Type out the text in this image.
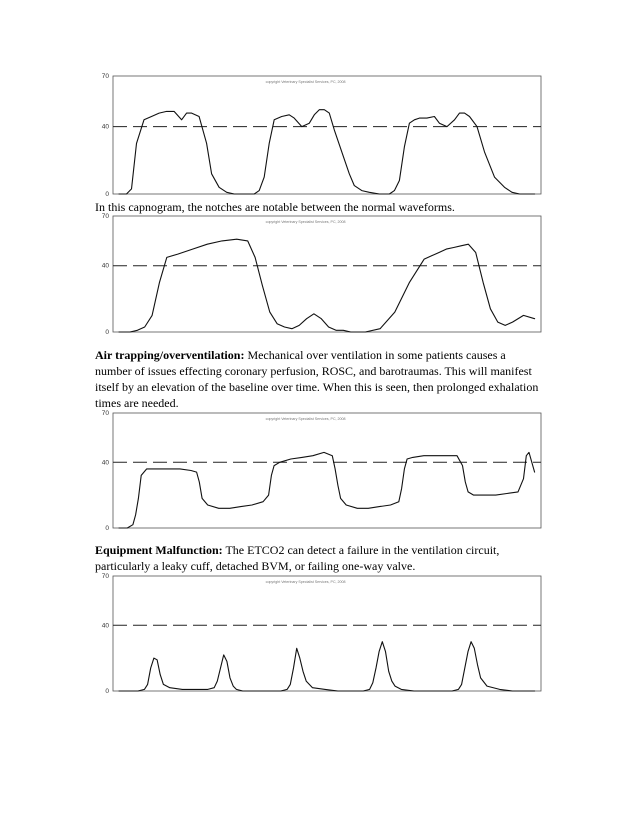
0
40
70
copyright Veterinary Specialist Services, PC, 2008

In this capnogram, the notches are notable between the normal waveforms.

0
40
70
copyright Veterinary Specialist Services, PC, 2008

Air trapping/overventilation: Mechanical over ventilation in some patients causes a number of issues effecting coronary perfusion, ROSC, and barotraumas. This will manifest itself by an elevation of the baseline over time. When this is seen, then prolonged exhalation times are needed.

0
40
70
copyright Veterinary Specialist Services, PC, 2008

Equipment Malfunction: The ETCO2 can detect a failure in the ventilation circuit, particularly a leaky cuff, detached BVM, or failing one-way valve.

0
40
70
copyright Veterinary Specialist Services, PC, 2008
